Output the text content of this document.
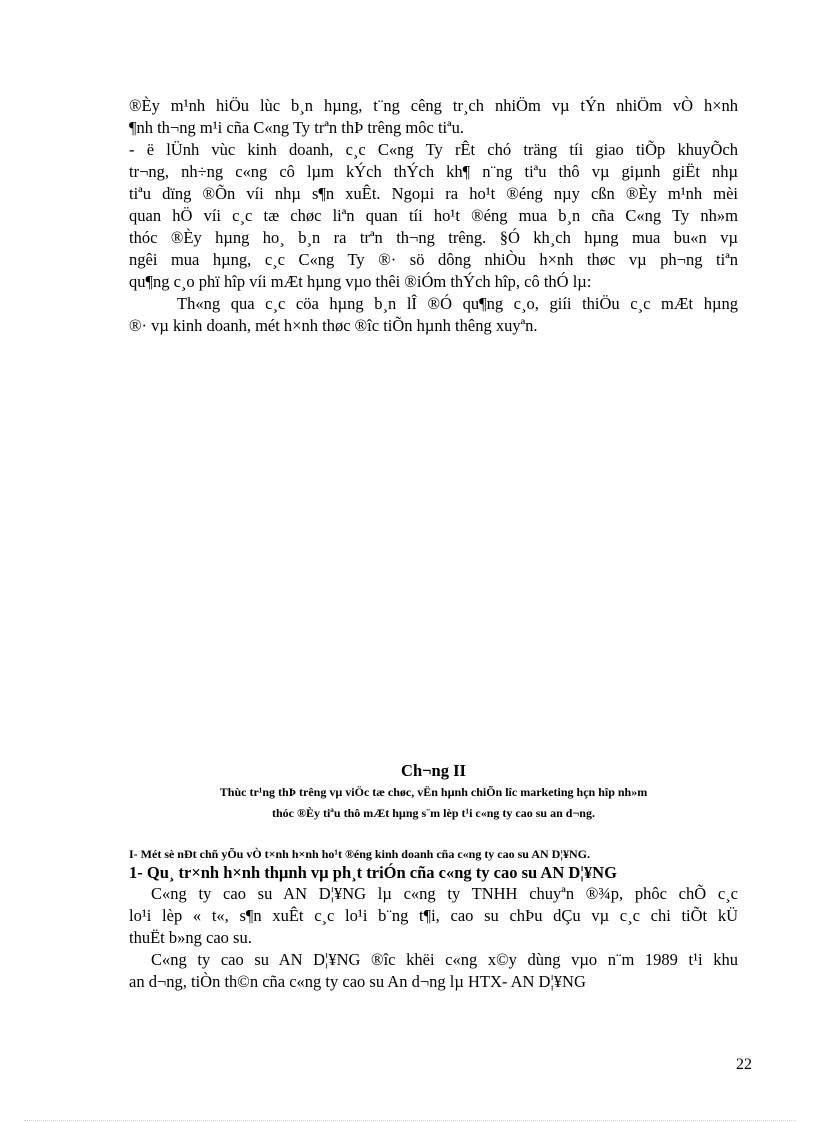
®Èy m¹nh hiÖu lùc b¸n hµng, t¨ng cêng tr¸ch nhiÖm vµ tÝn nhiÖm vÒ h×nh
¶nh th¬ng m¹i cña C«ng Ty trªn thÞ trêng môc tiªu.
- ë lÜnh vùc kinh doanh, c¸c C«ng Ty rÊt chó träng tíi giao tiÕp khuyÕch
tr¬ng, nh÷ng c«ng cô lµm kÝch thÝch kh¶ n¨ng tiªu thô vµ giµnh giËt nhµ
tiªu dïng ®Õn víi nhµ s¶n xuÊt. Ngoµi ra ho¹t ®éng nµy cßn ®Èy m¹nh mèi
quan hÖ víi c¸c tæ chøc liªn quan tíi ho¹t ®éng mua b¸n cña C«ng Ty nh»m
thóc ®Èy hµng ho¸ b¸n ra trªn th¬ng trêng. §Ó kh¸ch hµng mua bu«n vµ
ngêi mua hµng, c¸c C«ng Ty ®· sö dông nhiÒu h×nh thøc vµ ph¬ng tiªn
qu¶ng c¸o phï hîp víi mÆt hµng vµo thêi ®iÓm thÝch hîp, cô thÓ lµ:
Th«ng qua c¸c cöa hµng b¸n lÎ ®Ó qu¶ng c¸o, giíi thiÖu c¸c mÆt hµng
®· vµ kinh doanh, mét h×nh thøc ®îc tiÕn hµnh thêng xuyªn.

Ch¬ng II

Thùc tr¹ng thÞ trêng vµ viÖc tæ chøc, vËn hµnh chiÕn lîc marketing hçn hîp nh»m

thóc ®Èy tiªu thô mÆt hµng s¨m lèp t¹i c«ng ty cao su an d¬ng.

I- Mét sè nÐt chñ yÕu vÒ t×nh h×nh ho¹t ®éng kinh doanh cña c«ng ty cao su AN D¦¥NG.

1- Qu¸ tr×nh h×nh thµnh vµ ph¸t triÓn cña c«ng ty cao su AN D¦¥NG

C«ng ty cao su AN D¦¥NG lµ c«ng ty TNHH chuyªn ®¾p, phôc chÕ c¸c
lo¹i lèp « t«, s¶n xuÊt c¸c lo¹i b¨ng t¶i, cao su chÞu dÇu vµ c¸c chi tiÕt kÜ
thuËt b»ng cao su.
C«ng ty cao su AN D¦¥NG ®îc khëi c«ng x©y dùng vµo n¨m 1989 t¹i khu
an d¬ng, tiÒn th©n cña c«ng ty cao su An d¬ng lµ HTX- AN D¦¥NG
22
